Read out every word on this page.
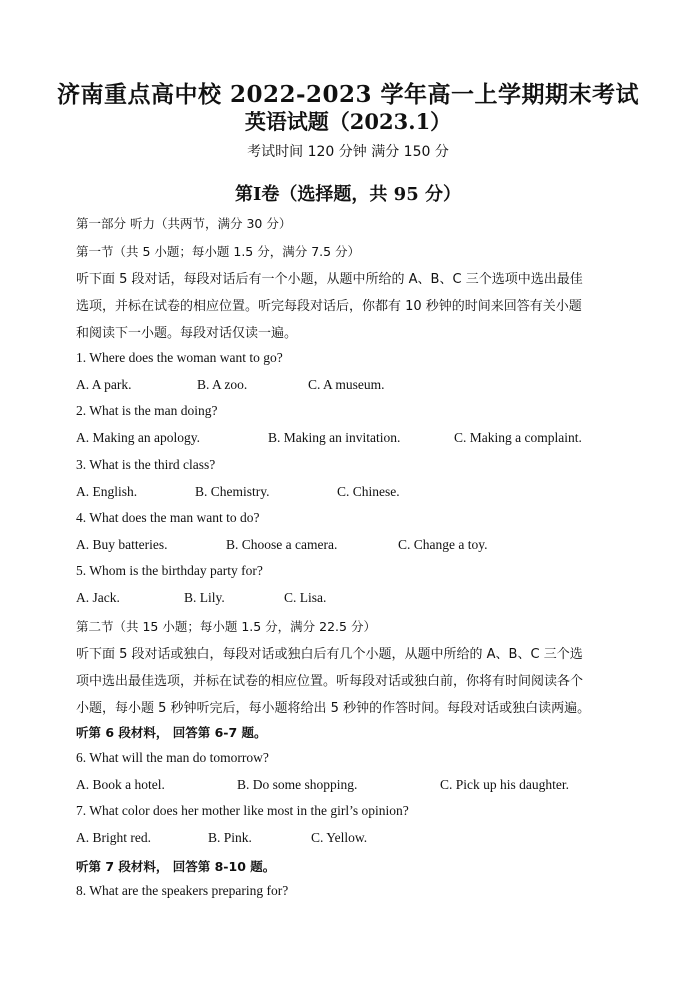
济南重点高中校 2022-2023 学年高一上学期期末考试
英语试题（2023.1）
考试时间 120 分钟 满分 150 分
第Ⅰ卷（选择题，共 95 分）
第一部分 听力（共两节，满分 30 分）
第一节（共 5 小题；每小题 1.5 分，满分 7.5 分）
听下面 5 段对话，每段对话后有一个小题，从题中所给的 A、B、C 三个选项中选出最佳
选项，并标在试卷的相应位置。听完每段对话后，你都有 10 秒钟的时间来回答有关小题
和阅读下一小题。每段对话仅读一遍。
1. Where does the woman want to go?
A. A park.	B. A zoo.	C. A museum.
2. What is the man doing?
A. Making an apology.	B. Making an invitation.	C. Making a complaint.
3. What is the third class?
A. English.	B. Chemistry.	C. Chinese.
4. What does the man want to do?
A. Buy batteries.	B. Choose a camera.	C. Change a toy.
5. Whom is the birthday party for?
A. Jack.	B. Lily.	C. Lisa.
第二节（共 15 小题；每小题 1.5 分，满分 22.5 分）
听下面 5 段对话或独白，每段对话或独白后有几个小题，从题中所给的 A、B、C 三个选
项中选出最佳选项，并标在试卷的相应位置。听每段对话或独白前，你将有时间阅读各个
小题，每小题 5 秒钟听完后，每小题将给出 5 秒钟的作答时间。每段对话或独白读两遍。
听第 6 段材料， 回答第 6-7 题。
6. What will the man do tomorrow?
A. Book a hotel.	B. Do some shopping.	C. Pick up his daughter.
7. What color does her mother like most in the girl’s opinion?
A. Bright red.	B. Pink.	C. Yellow.
听第 7 段材料， 回答第 8-10 题。
8. What are the speakers preparing for?
